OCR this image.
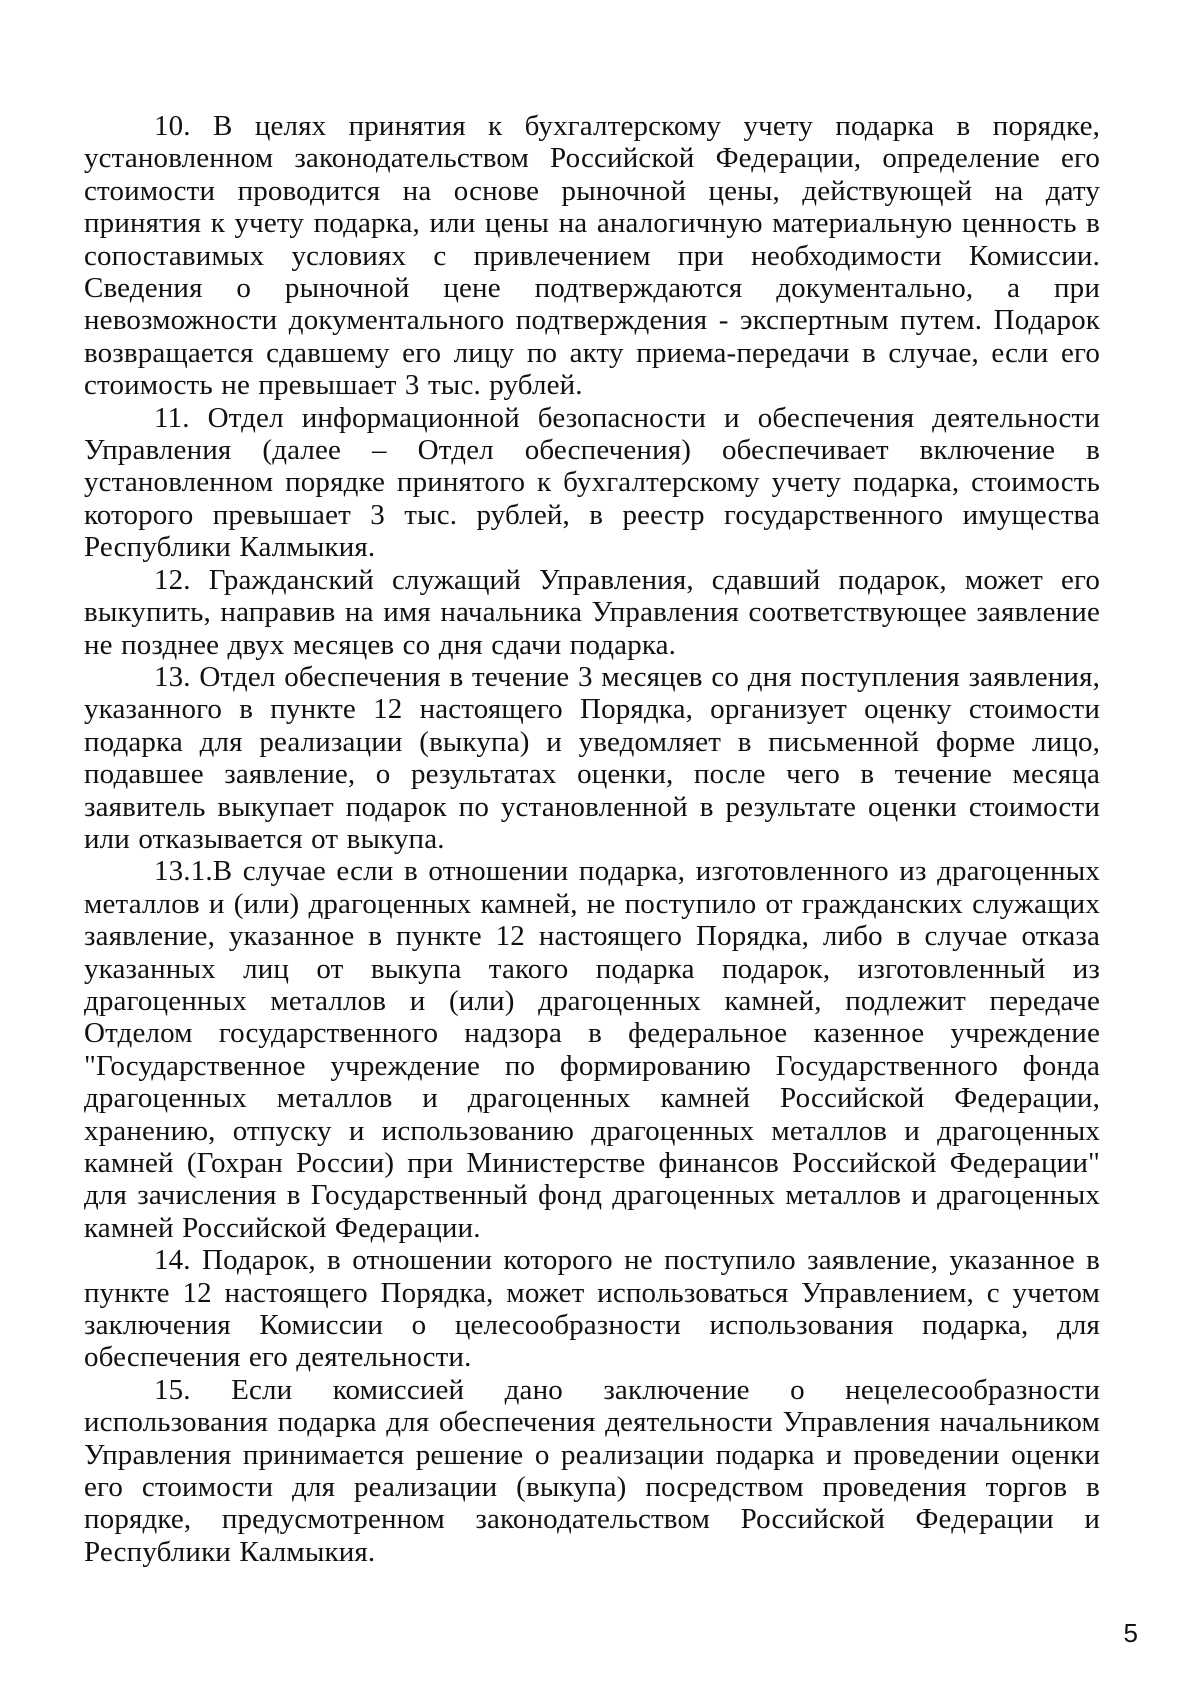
10. В целях принятия к бухгалтерскому учету подарка в порядке, установленном законодательством Российской Федерации, определение его стоимости проводится на основе рыночной цены, действующей на дату принятия к учету подарка, или цены на аналогичную материальную ценность в сопоставимых условиях с привлечением при необходимости Комиссии. Сведения о рыночной цене подтверждаются документально, а при невозможности документального подтверждения - экспертным путем. Подарок возвращается сдавшему его лицу по акту приема-передачи в случае, если его стоимость не превышает 3 тыс. рублей.

11. Отдел информационной безопасности и обеспечения деятельности Управления (далее – Отдел обеспечения) обеспечивает включение в установленном порядке принятого к бухгалтерскому учету подарка, стоимость которого превышает 3 тыс. рублей, в реестр государственного имущества Республики Калмыкия.

12. Гражданский служащий Управления, сдавший подарок, может его выкупить, направив на имя начальника Управления соответствующее заявление не позднее двух месяцев со дня сдачи подарка.

13. Отдел обеспечения в течение 3 месяцев со дня поступления заявления, указанного в пункте 12 настоящего Порядка, организует оценку стоимости подарка для реализации (выкупа) и уведомляет в письменной форме лицо, подавшее заявление, о результатах оценки, после чего в течение месяца заявитель выкупает подарок по установленной в результате оценки стоимости или отказывается от выкупа.

13.1.В случае если в отношении подарка, изготовленного из драгоценных металлов и (или) драгоценных камней, не поступило от гражданских служащих заявление, указанное в пункте 12 настоящего Порядка, либо в случае отказа указанных лиц от выкупа такого подарка подарок, изготовленный из драгоценных металлов и (или) драгоценных камней, подлежит передаче Отделом государственного надзора в федеральное казенное учреждение "Государственное учреждение по формированию Государственного фонда драгоценных металлов и драгоценных камней Российской Федерации, хранению, отпуску и использованию драгоценных металлов и драгоценных камней (Гохран России) при Министерстве финансов Российской Федерации" для зачисления в Государственный фонд драгоценных металлов и драгоценных камней Российской Федерации.

14. Подарок, в отношении которого не поступило заявление, указанное в пункте 12 настоящего Порядка, может использоваться Управлением, с учетом заключения Комиссии о целесообразности использования подарка, для обеспечения его деятельности.

15. Если комиссией дано заключение о нецелесообразности использования подарка для обеспечения деятельности Управления начальником Управления принимается решение о реализации подарка и проведении оценки его стоимости для реализации (выкупа) посредством проведения торгов в порядке, предусмотренном законодательством Российской Федерации и Республики Калмыкия.

5
